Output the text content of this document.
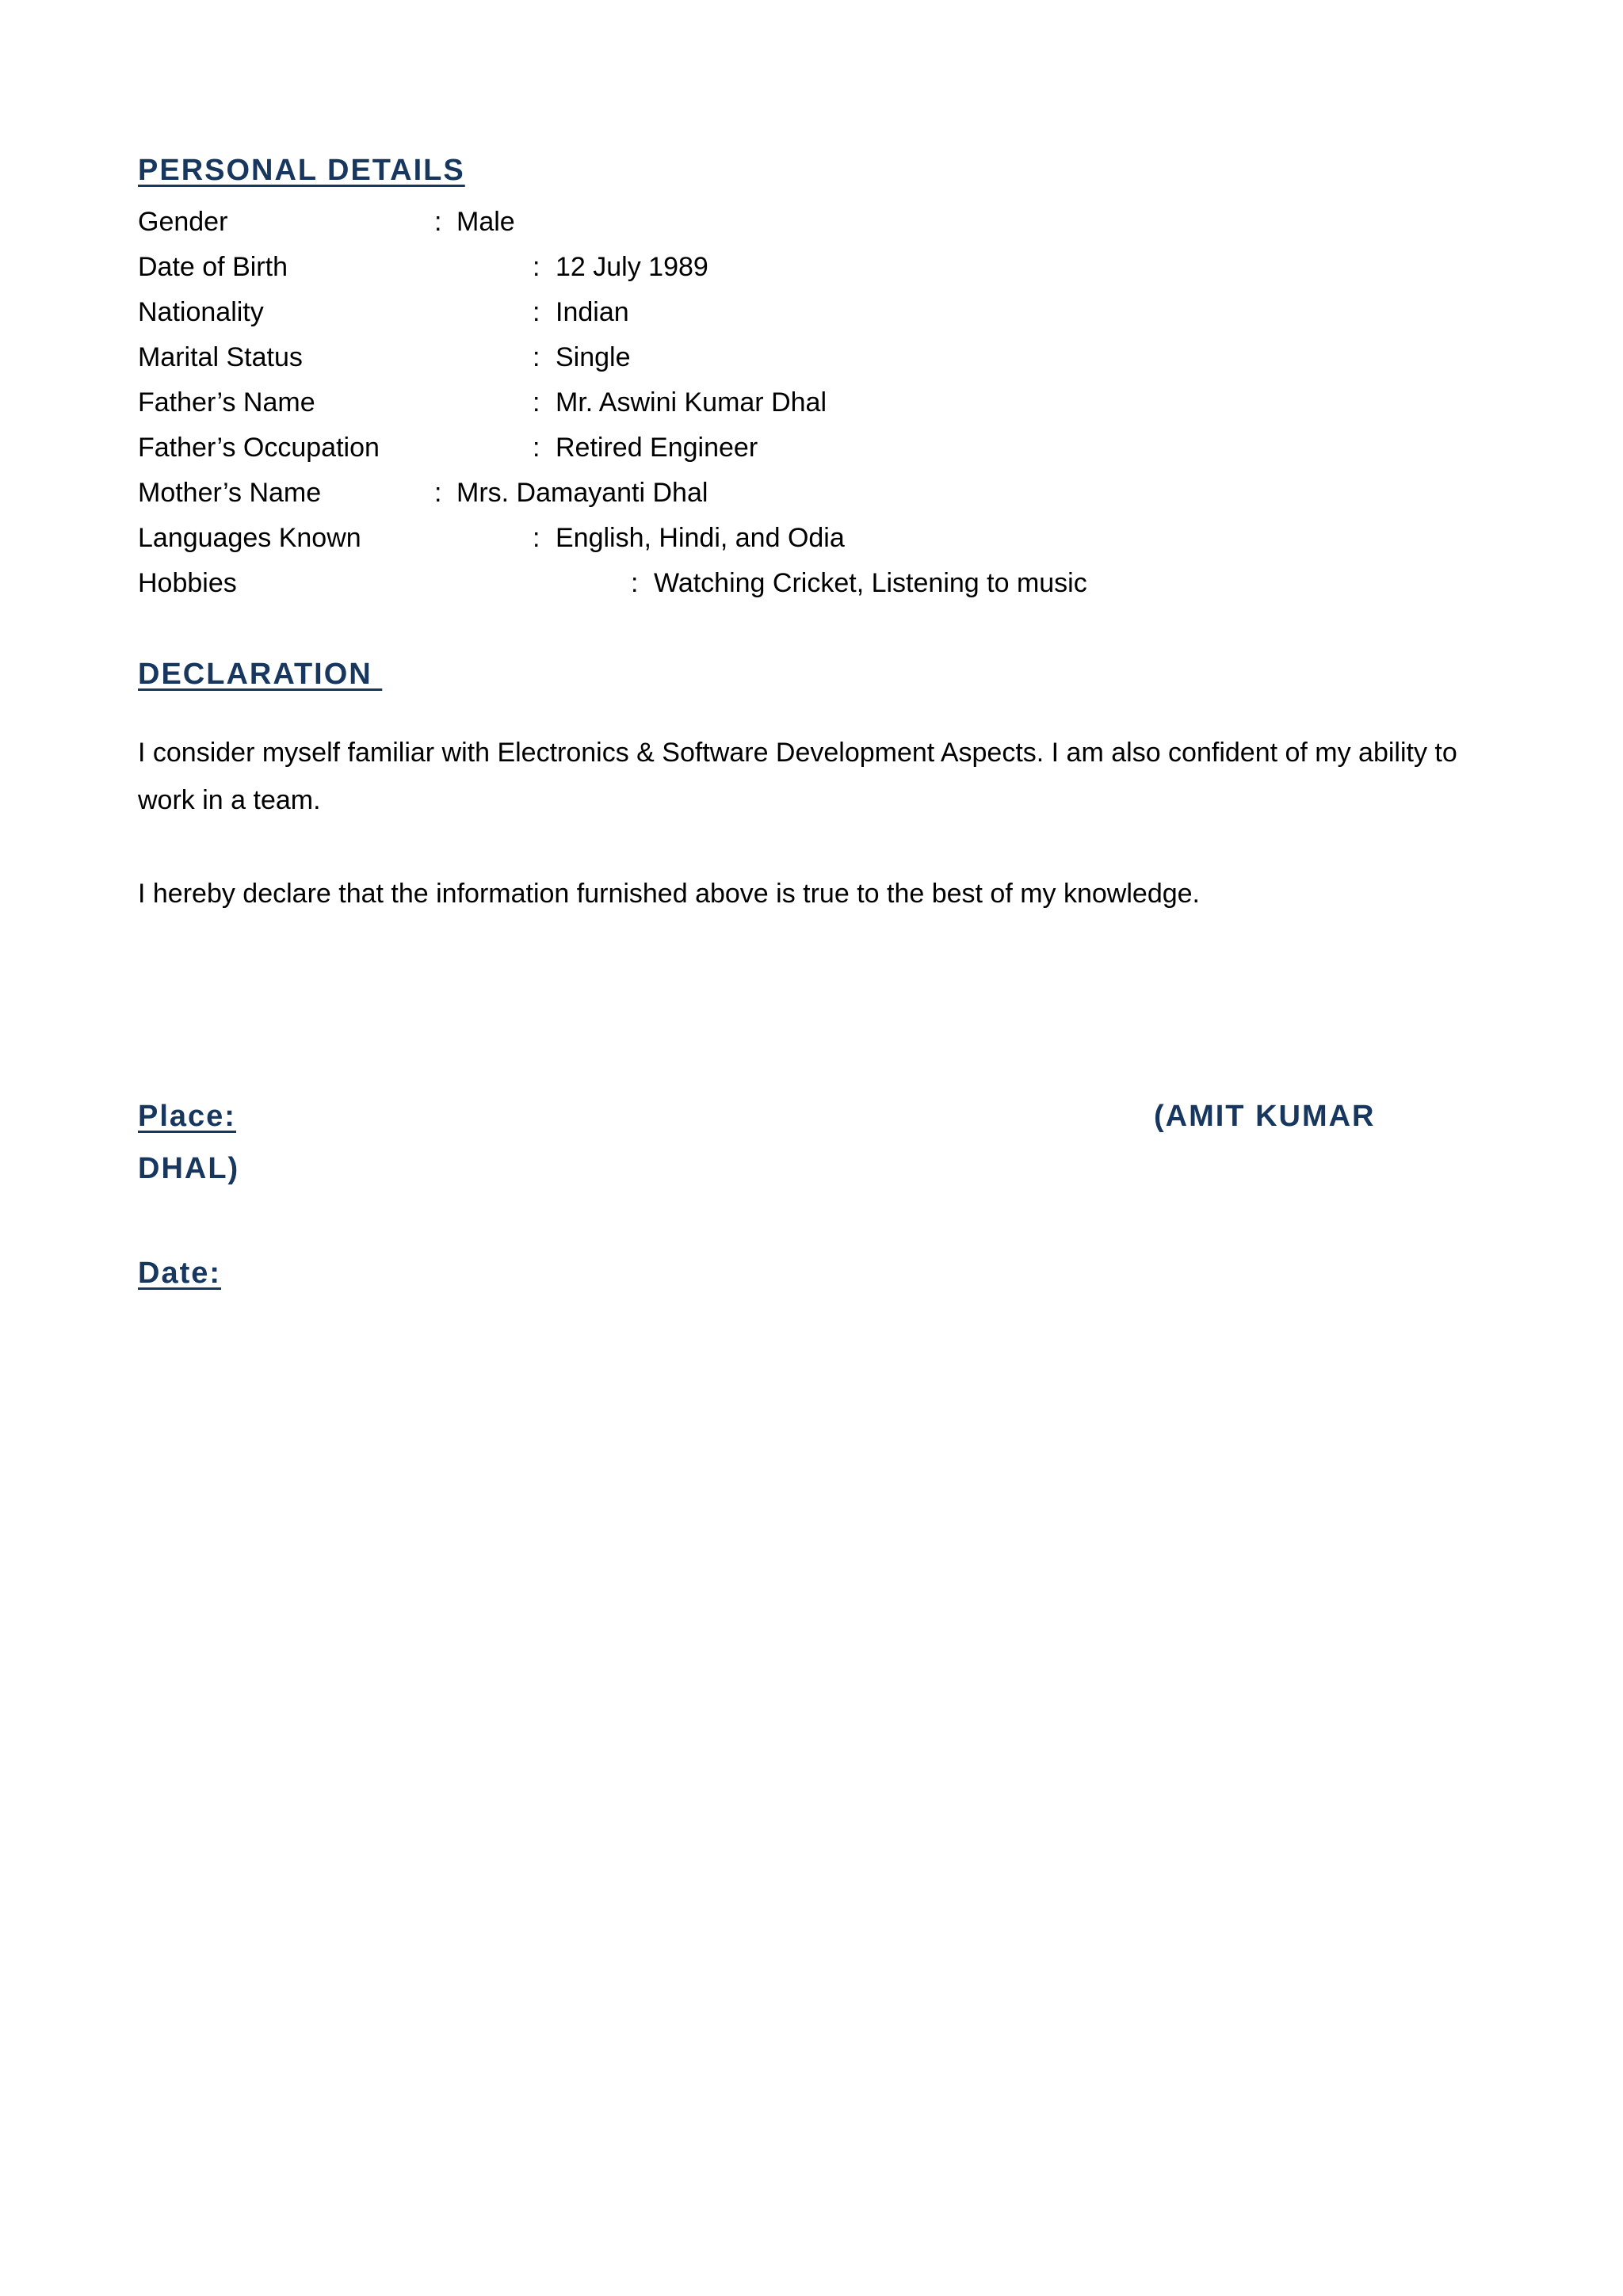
PERSONAL DETAILS
Gender	: Male
Date of Birth	: 12 July 1989
Nationality	: Indian
Marital Status	: Single
Father’s Name	: Mr. Aswini Kumar Dhal
Father’s Occupation	: Retired Engineer
Mother’s Name	: Mrs. Damayanti Dhal
Languages Known	: English, Hindi, and Odia
Hobbies	: Watching Cricket, Listening to music
DECLARATION

I consider myself familiar with Electronics & Software Development Aspects. I am also confident of my ability to work in a team.

I hereby declare that the information furnished above is true to the best of my knowledge.

Place:	(AMIT KUMAR
DHAL)
Date:
